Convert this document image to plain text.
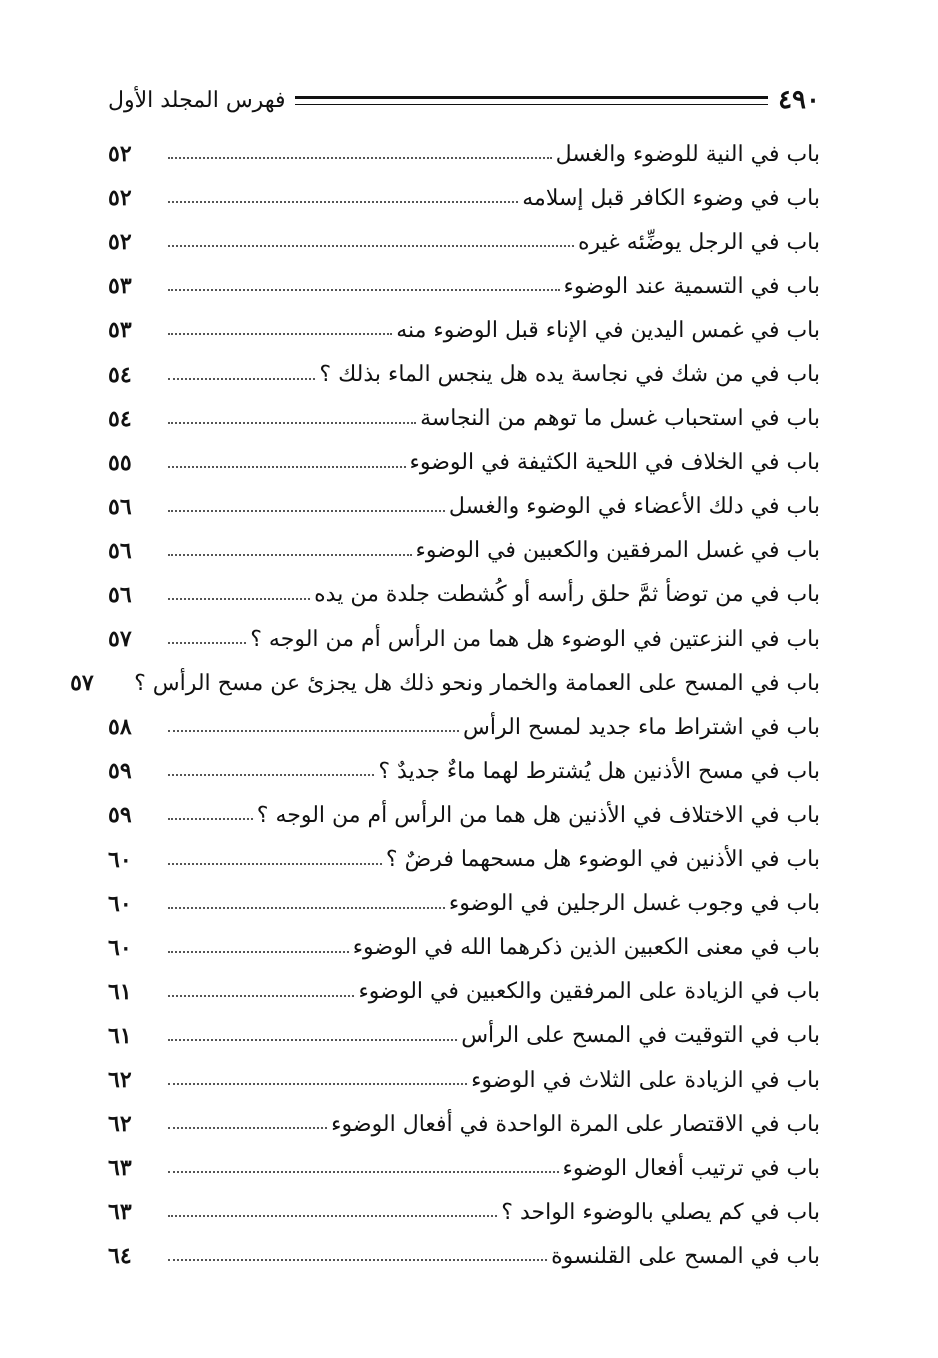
٤٩٠
فهرس المجلد الأول
باب في النية للوضوء والغسل
٥٢
باب في وضوء الكافر قبل إسلامه
٥٢
باب في الرجل يوضِّئه غيره
٥٢
باب في التسمية عند الوضوء
٥٣
باب في غمس اليدين في الإناء قبل الوضوء منه
٥٣
باب في من شك في نجاسة يده هل ينجس الماء بذلك ؟
٥٤
باب في استحباب غسل ما توهم من النجاسة
٥٤
باب في الخلاف في اللحية الكثيفة في الوضوء
٥٥
باب في دلك الأعضاء في الوضوء والغسل
٥٦
باب في غسل المرفقين والكعبين في الوضوء
٥٦
باب في من توضأ ثمَّ حلق رأسه أو كُشطت جلدة من يده
٥٦
باب في النزعتين في الوضوء هل هما من الرأس أم من الوجه ؟
٥٧
باب في المسح على العمامة والخمار ونحو ذلك هل يجزئ عن مسح الرأس ؟
٥٧
باب في اشتراط ماء جديد لمسح الرأس
٥٨
باب في مسح الأذنين هل يُشترط لهما ماءٌ جديدٌ ؟
٥٩
باب في الاختلاف في الأذنين هل هما من الرأس أم من الوجه ؟
٥٩
باب في الأذنين في الوضوء هل مسحهما فرضٌ ؟
٦٠
باب في وجوب غسل الرجلين في الوضوء
٦٠
باب في معنى الكعبين الذين ذكرهما الله في الوضوء
٦٠
باب في الزيادة على المرفقين والكعبين في الوضوء
٦١
باب في التوقيت في المسح على الرأس
٦١
باب في الزيادة على الثلاث في الوضوء
٦٢
باب في الاقتصار على المرة الواحدة في أفعال الوضوء
٦٢
باب في ترتيب أفعال الوضوء
٦٣
باب في كم يصلي بالوضوء الواحد ؟
٦٣
باب في المسح على القلنسوة
٦٤
